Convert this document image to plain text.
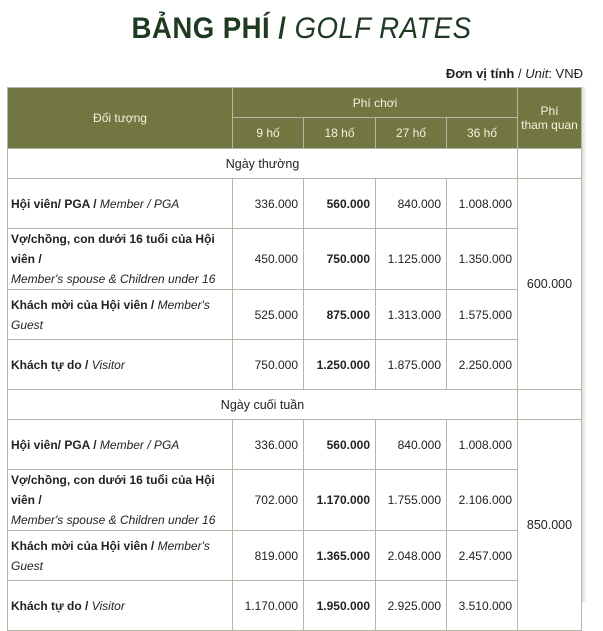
BẢNG PHÍ / GOLF RATES
Đơn vị tính / Unit: VNĐ
Đối tượng	Phí chơi				Phí
tham quan

	9 hố	18 hố	27 hố	36 hố	
Ngày thường					
Hội viên/ PGA / Member / PGA	336.000	560.000	840.000	1.008.000	600.000
Vợ/chồng, con dưới 16 tuổi của Hội viên /
Member's spouse & Children under 16	450.000	750.000	1.125.000	1.350.000	
Khách mời của Hội viên / Member's Guest	525.000	875.000	1.313.000	1.575.000	
Khách tự do / Visitor	750.000	1.250.000	1.875.000	2.250.000	
Ngày cuối tuần					
Hội viên/ PGA / Member / PGA	336.000	560.000	840.000	1.008.000	850.000
Vợ/chồng, con dưới 16 tuổi của Hội viên /
Member's spouse & Children under 16	702.000	1.170.000	1.755.000	2.106.000	
Khách mời của Hội viên / Member's Guest	819.000	1.365.000	2.048.000	2.457.000	
Khách tự do / Visitor	1.170.000	1.950.000	2.925.000	3.510.000	
